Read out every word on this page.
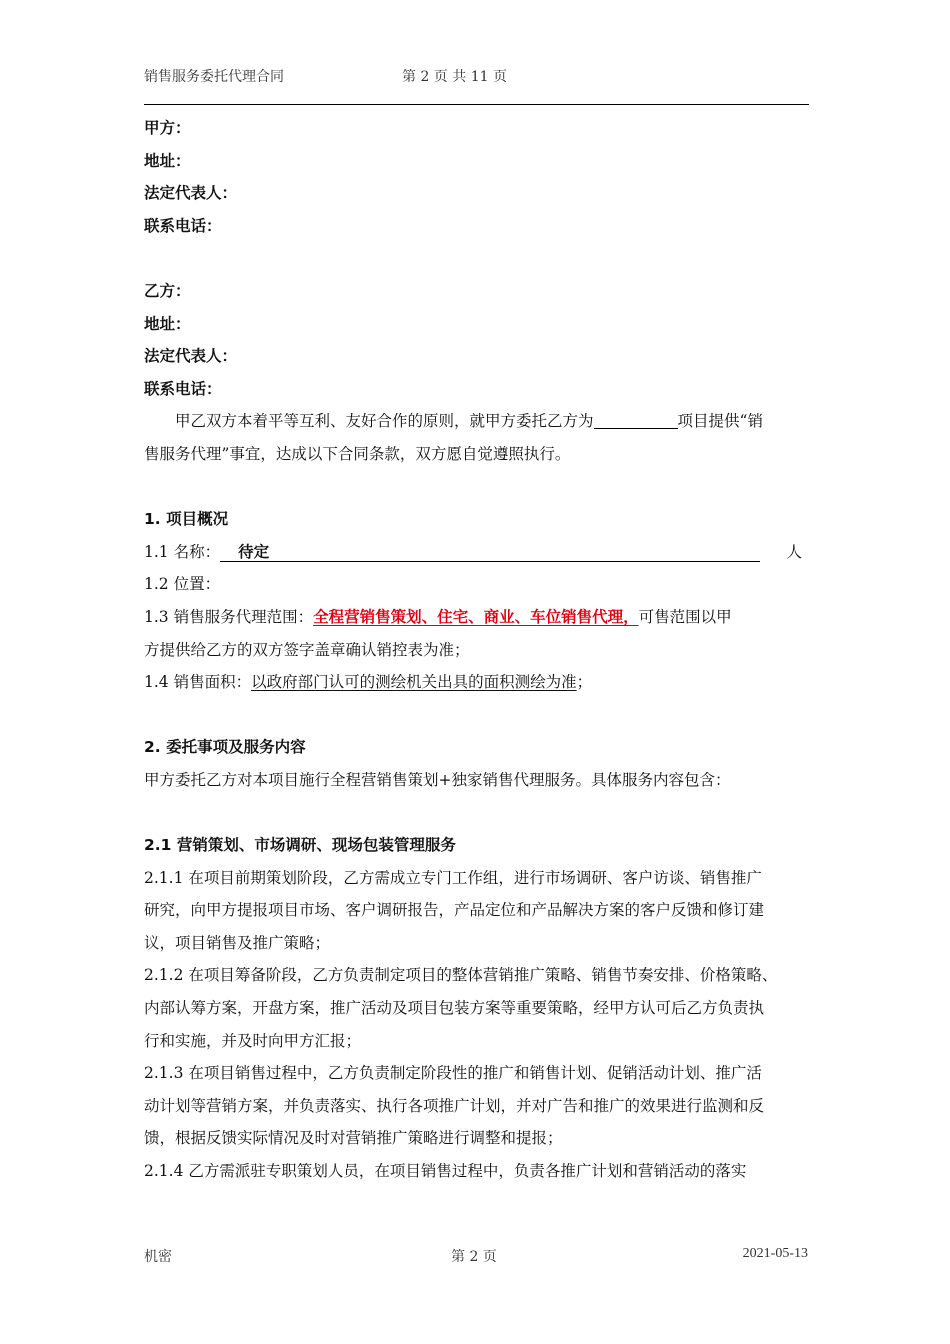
销售服务委托代理合同	第 2 页 共 11 页
甲方：
地址：
法定代表人：
联系电话：
乙方：
地址：
法定代表人：
联系电话：
甲乙双方本着平等互利、友好合作的原则，就甲方委托乙方为	项目提供“销
售服务代理”事宜，达成以下合同条款，双方愿自觉遵照执行。
1. 项目概况
1.1 名称： 待定	人
1.2 位置：
1.3 销售服务代理范围：全程营销售策划、住宅、商业、车位销售代理，可售范围以甲
方提供给乙方的双方签字盖章确认销控表为准；
1.4 销售面积：以政府部门认可的测绘机关出具的面积测绘为准；
2. 委托事项及服务内容
甲方委托乙方对本项目施行全程营销售策划+独家销售代理服务。具体服务内容包含：
2.1 营销策划、市场调研、现场包装管理服务
2.1.1 在项目前期策划阶段，乙方需成立专门工作组，进行市场调研、客户访谈、销售推广
研究，向甲方提报项目市场、客户调研报告，产品定位和产品解决方案的客户反馈和修订建
议，项目销售及推广策略；
2.1.2 在项目筹备阶段，乙方负责制定项目的整体营销推广策略、销售节奏安排、价格策略、
内部认筹方案，开盘方案，推广活动及项目包装方案等重要策略，经甲方认可后乙方负责执
行和实施，并及时向甲方汇报；
2.1.3 在项目销售过程中，乙方负责制定阶段性的推广和销售计划、促销活动计划、推广活
动计划等营销方案，并负责落实、执行各项推广计划，并对广告和推广的效果进行监测和反
馈，根据反馈实际情况及时对营销推广策略进行调整和提报；
2.1.4 乙方需派驻专职策划人员，在项目销售过程中，负责各推广计划和营销活动的落实
机密	第 2 页	2021-05-13
